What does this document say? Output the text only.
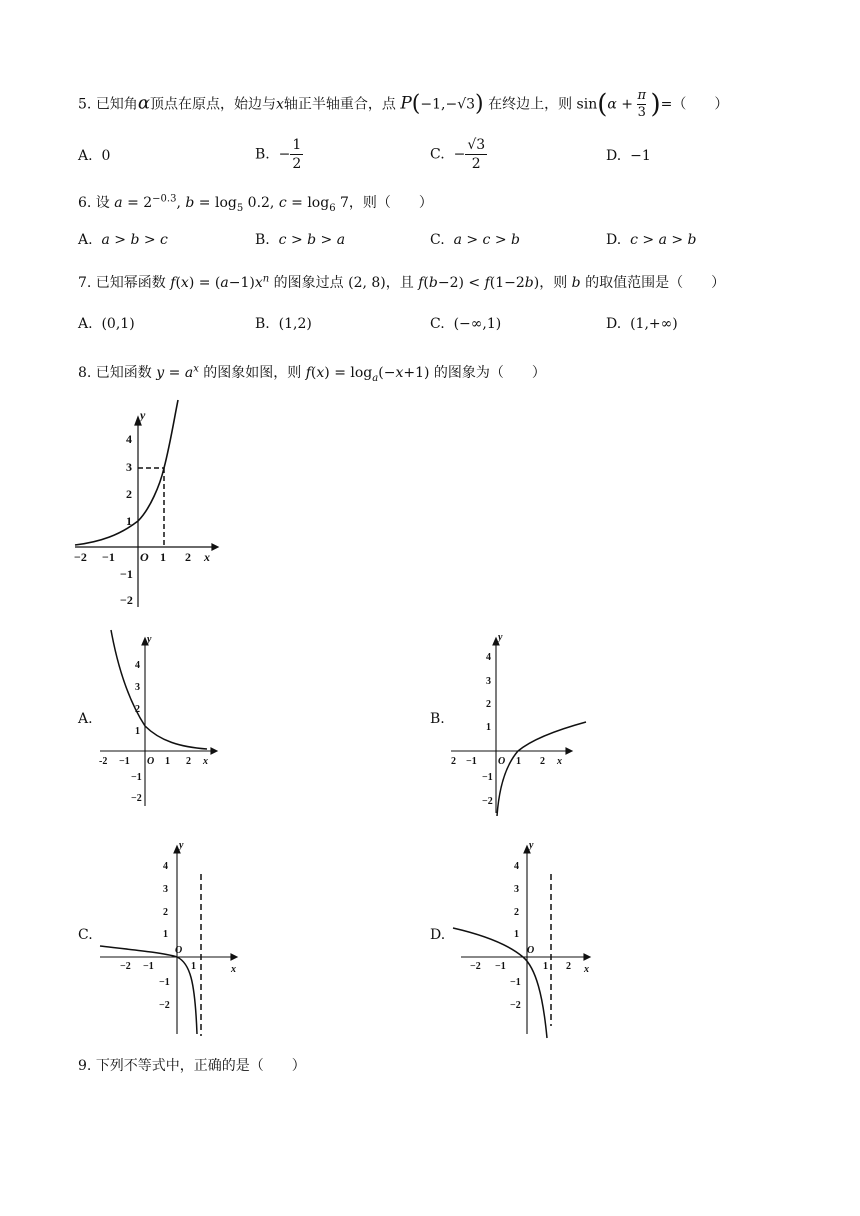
5. 已知角α顶点在原点，始边与x轴正半轴重合，点 P(−1,−√3) 在终边上，则 $\sin(\alpha + \frac{\pi}{3}$ )=（　　）
A. 0	B. − $\frac{1}{2}$	C. − $\frac{√3}{2}$	D. −1
6. 设 $a = 2^{-0.3}$, $b = \log_5 0.2$, $c = \log_6 7$，则（　　）
A. a > b > c	B. c > b > a	C. a > c > b	D. c > a > b
7. 已知幂函数 $f(x) = (a-1)x^n$ 的图象过点 (2, 8)，且 f(b−2) < f(1−2b)，则 b 的取值范围是（　　）
A. (0,1)	B. (1,2)	C. (−∞,1)	D. (1,+∞)
8. 已知函数 $y = a^x$ 的图象如图，则 $f(x) = \log_a(-x+1)$ 的图象为（　　）
y
4
3
2
1
−1
−2
−2 −1 O 1 2 x
A.
y
4
3
2
1
−1
−2
-2 −1 O 1 2 x
B.
y
4
3
2
1
−1
−2
2 −1 O 1 2 x
C.
y
4
3
2
1
−1
−2
−2 −1
O
1	x
D.
y
4
3
2
1
−1
−2
−2 −1
O
1 2 x
9. 下列不等式中，正确的是（　　）
